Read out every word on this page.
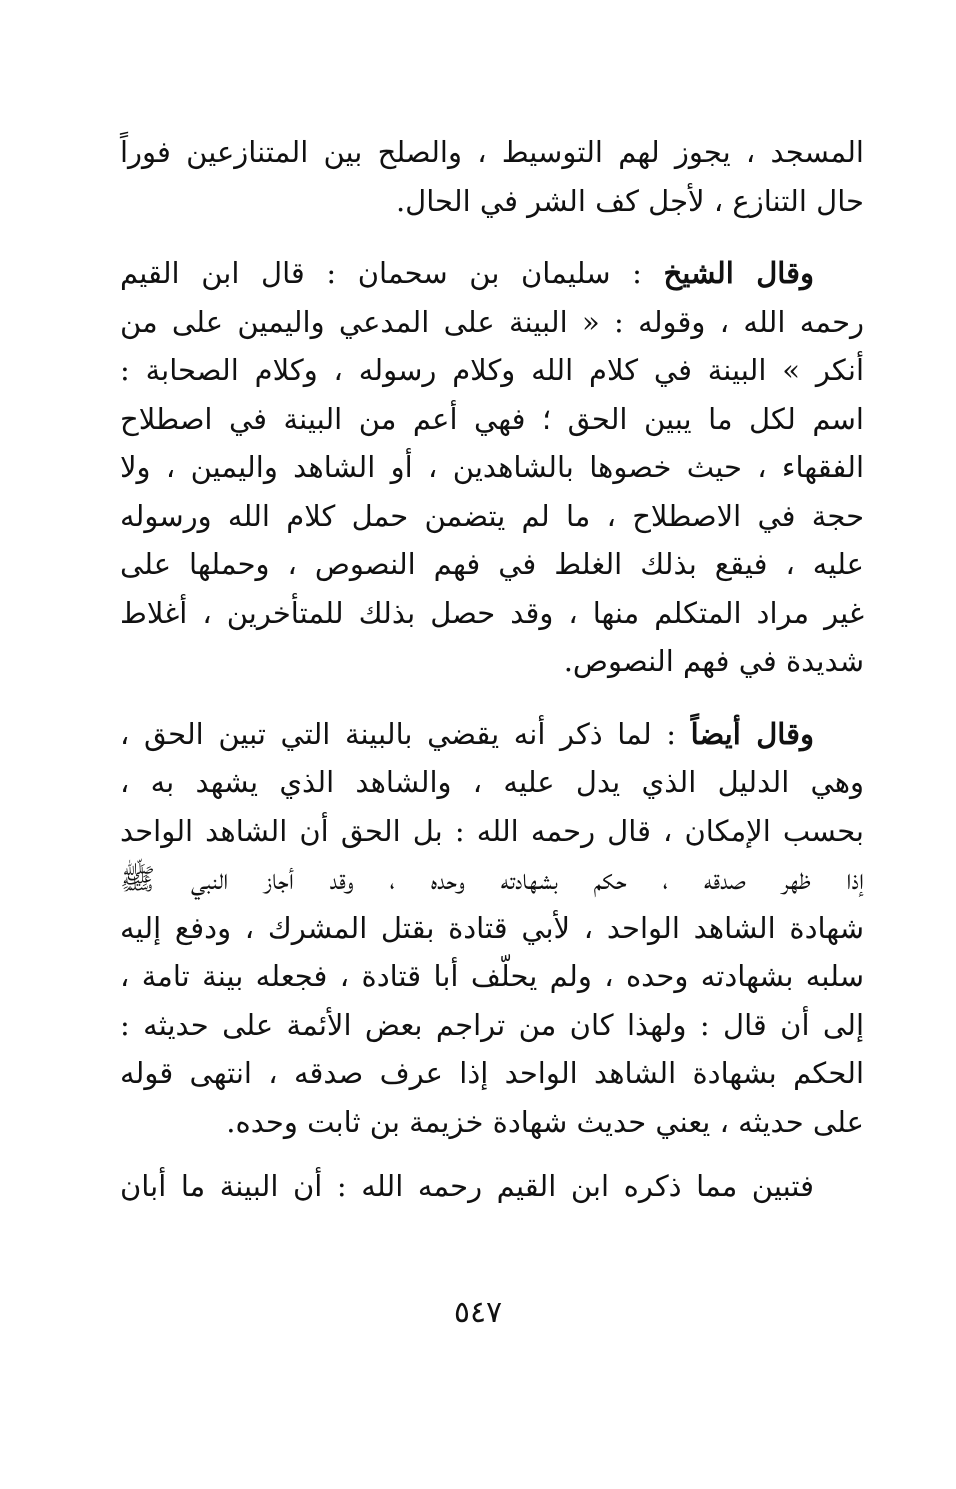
المسجد ، يجوز لهم التوسيط ، والصلح بين المتنازعين فوراً
حال التنازع ، لأجل كف الشر في الحال.
وقال الشيخ : سليمان بن سحمان : قال ابن القيم
رحمه الله ، وقوله : « البينة على المدعي واليمين على من
أنكر » البينة في كلام الله وكلام رسوله ، وكلام الصحابة :
اسم لكل ما يبين الحق ؛ فهي أعم من البينة في اصطلاح
الفقهاء ، حيث خصوها بالشاهدين ، أو الشاهد واليمين ، ولا
حجة في الاصطلاح ، ما لم يتضمن حمل كلام الله ورسوله
عليه ، فيقع بذلك الغلط في فهم النصوص ، وحملها على
غير مراد المتكلم منها ، وقد حصل بذلك للمتأخرين ، أغلاط
شديدة في فهم النصوص.
وقال أيضاً : لما ذكر أنه يقضي بالبينة التي تبين الحق ،
وهي الدليل الذي يدل عليه ، والشاهد الذي يشهد به ،
بحسب الإمكان ، قال رحمه الله : بل الحق أن الشاهد الواحد
إذا ظهر صدقه ، حكم بشهادته وحده ، وقد أجاز النبي ﷺ
شهادة الشاهد الواحد ، لأبي قتادة بقتل المشرك ، ودفع إليه
سلبه بشهادته وحده ، ولم يحلّف أبا قتادة ، فجعله بينة تامة ،
إلى أن قال : ولهذا كان من تراجم بعض الأئمة على حديثه :
الحكم بشهادة الشاهد الواحد إذا عرف صدقه ، انتهى قوله
على حديثه ، يعني حديث شهادة خزيمة بن ثابت وحده.
فتبين مما ذكره ابن القيم رحمه الله : أن البينة ما أبان
٥٤٧
